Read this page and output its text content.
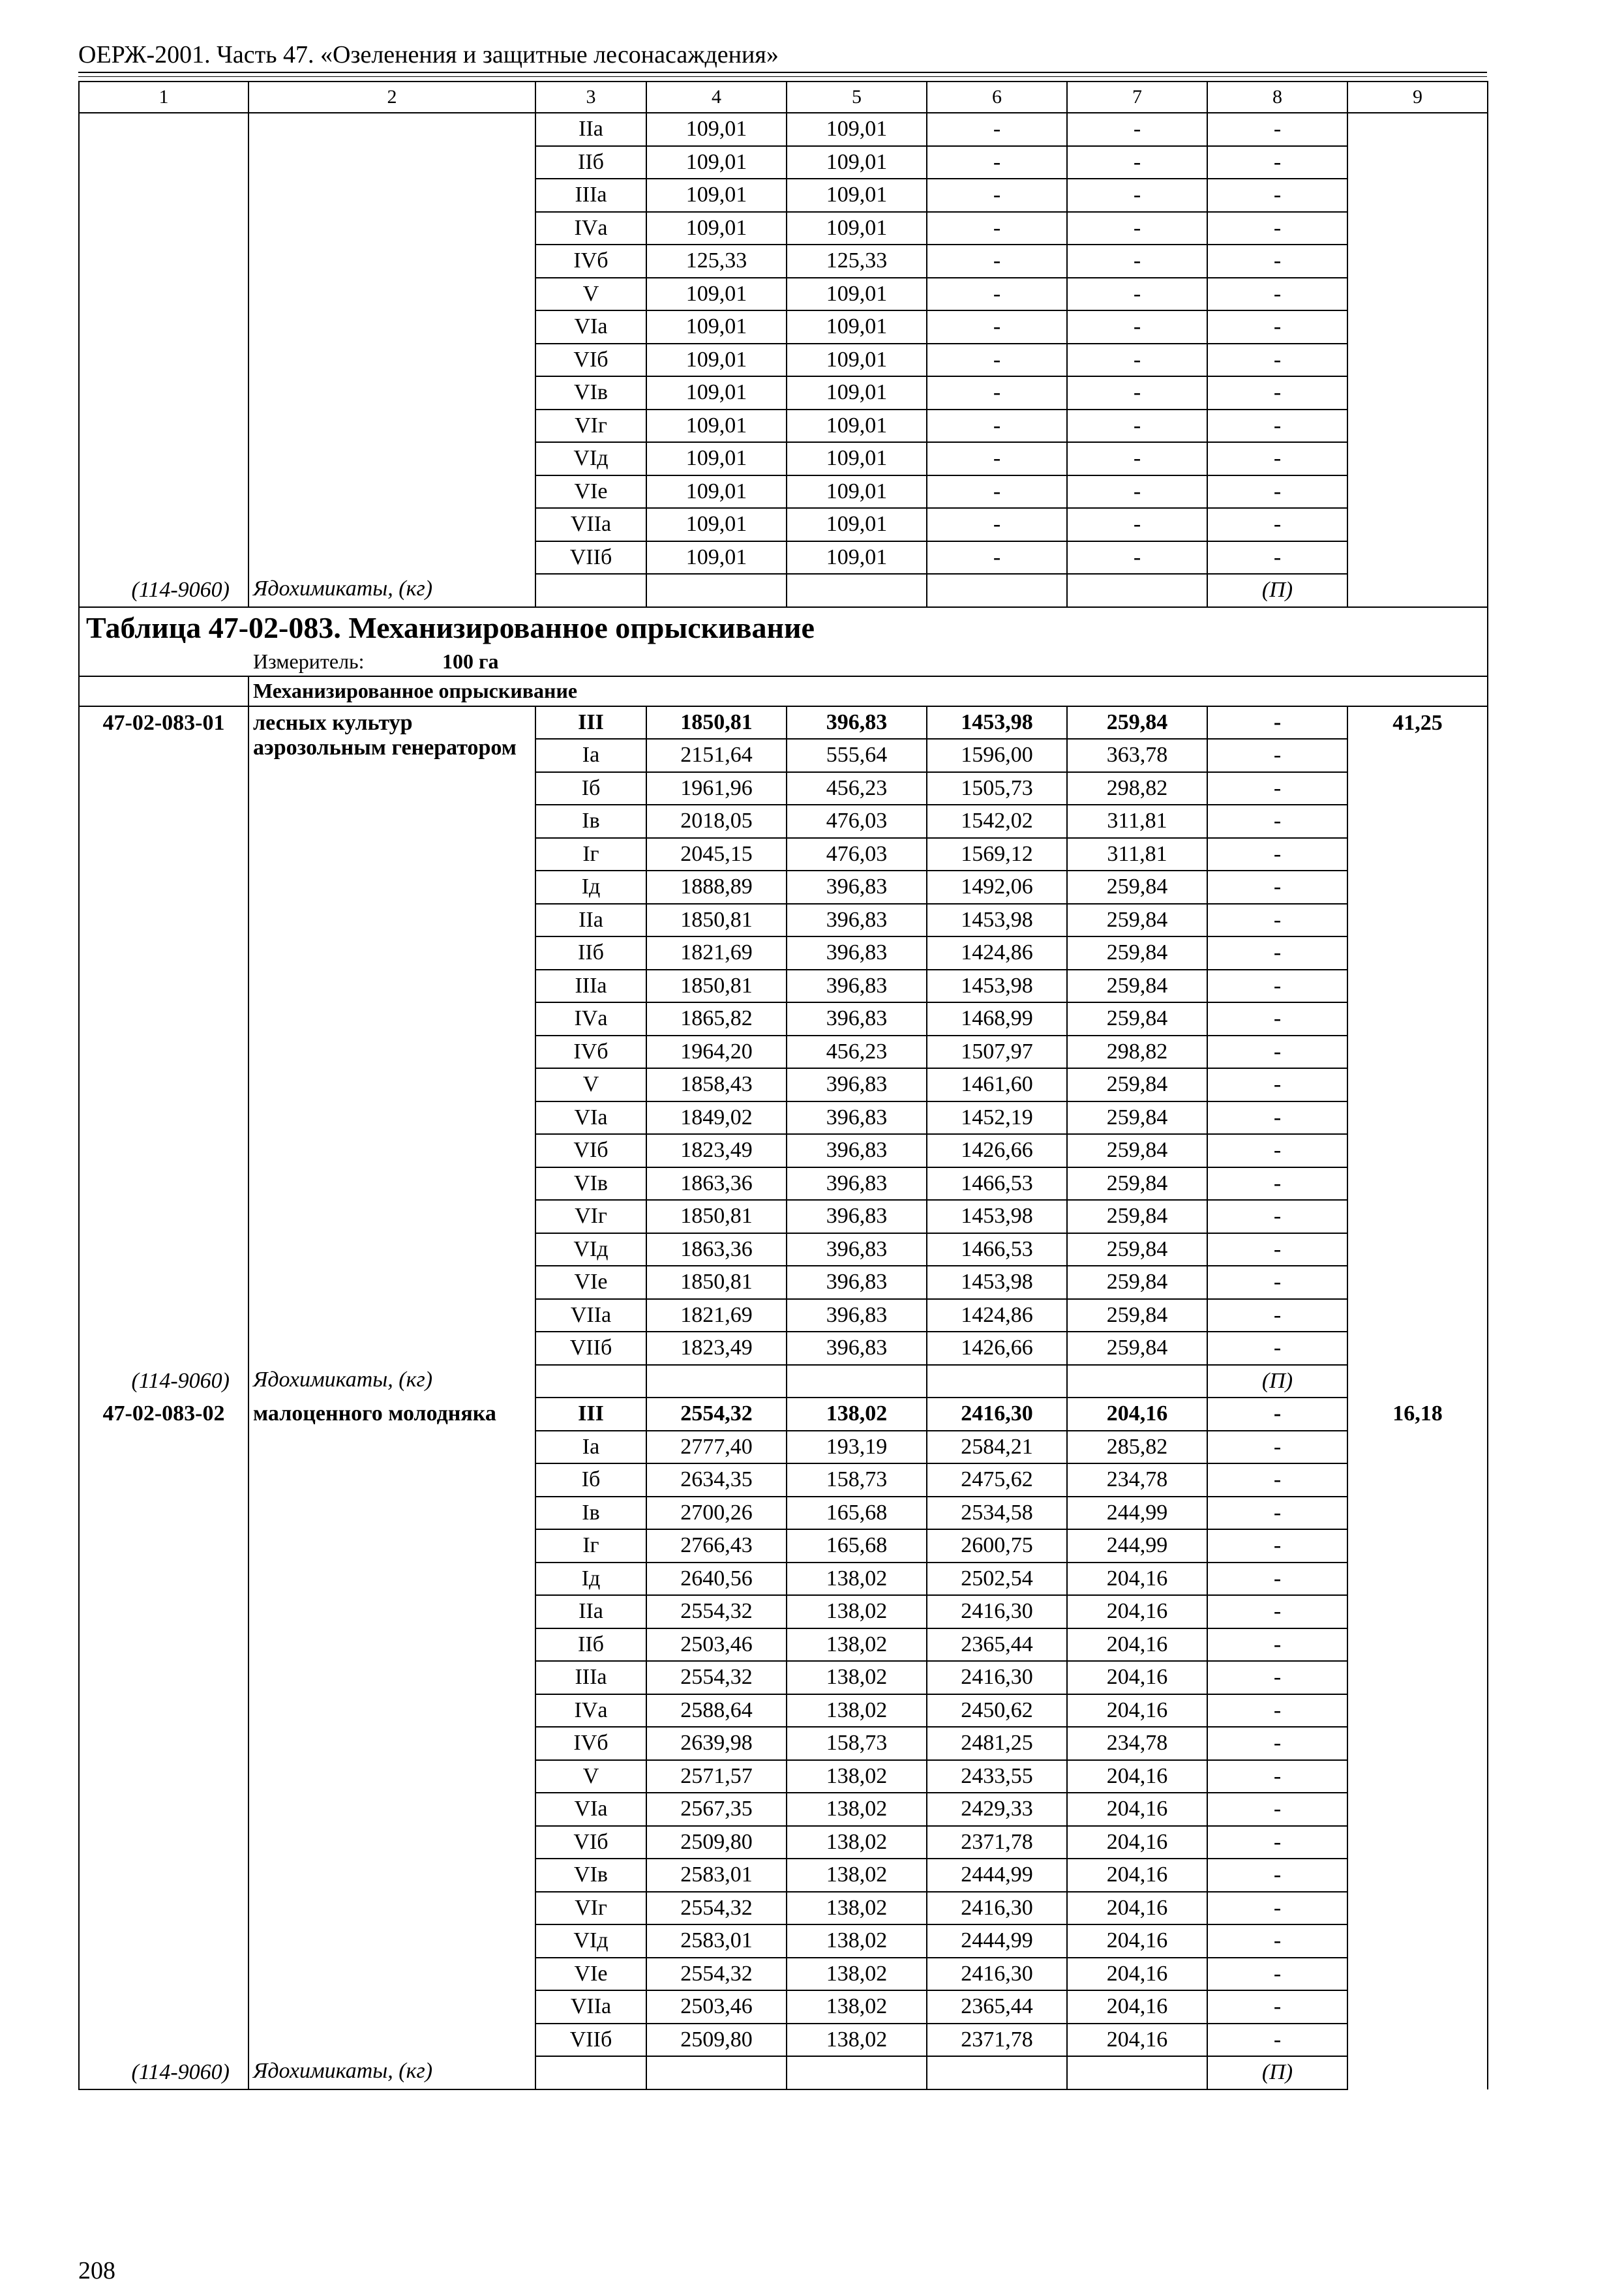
ОЕРЖ-2001. Часть 47. «Озеленения и защитные лесонасаждения»
1	2	3	4	5	6	7	8	9
		IIа	109,01	109,01	-	-	-	
		IIб	109,01	109,01	-	-	-	
		IIIа	109,01	109,01	-	-	-	
		IVа	109,01	109,01	-	-	-	
		IVб	125,33	125,33	-	-	-	
		V	109,01	109,01	-	-	-	
		VIа	109,01	109,01	-	-	-	
		VIб	109,01	109,01	-	-	-	
		VIв	109,01	109,01	-	-	-	
		VIг	109,01	109,01	-	-	-	
		VIд	109,01	109,01	-	-	-	
		VIе	109,01	109,01	-	-	-	
		VIIа	109,01	109,01	-	-	-	
		VIIб	109,01	109,01	-	-	-	
(114-9060)	Ядохимикаты, (кг)						(П)	
Таблица 47-02-083. Механизированное опрыскивание								
Измеритель: 100 га								
	Механизированное опрыскивание							
47-02-083-01	лесных культур аэрозольным генератором	III	1850,81	396,83	1453,98	259,84	-	41,25
		Iа	2151,64	555,64	1596,00	363,78	-	
		Iб	1961,96	456,23	1505,73	298,82	-	
		Iв	2018,05	476,03	1542,02	311,81	-	
		Iг	2045,15	476,03	1569,12	311,81	-	
		Iд	1888,89	396,83	1492,06	259,84	-	
		IIа	1850,81	396,83	1453,98	259,84	-	
		IIб	1821,69	396,83	1424,86	259,84	-	
		IIIа	1850,81	396,83	1453,98	259,84	-	
		IVа	1865,82	396,83	1468,99	259,84	-	
		IVб	1964,20	456,23	1507,97	298,82	-	
		V	1858,43	396,83	1461,60	259,84	-	
		VIа	1849,02	396,83	1452,19	259,84	-	
		VIб	1823,49	396,83	1426,66	259,84	-	
		VIв	1863,36	396,83	1466,53	259,84	-	
		VIг	1850,81	396,83	1453,98	259,84	-	
		VIд	1863,36	396,83	1466,53	259,84	-	
		VIе	1850,81	396,83	1453,98	259,84	-	
		VIIа	1821,69	396,83	1424,86	259,84	-	
		VIIб	1823,49	396,83	1426,66	259,84	-	
(114-9060)	Ядохимикаты, (кг)						(П)	
47-02-083-02	малоценного молодняка	III	2554,32	138,02	2416,30	204,16	-	16,18
		Iа	2777,40	193,19	2584,21	285,82	-	
		Iб	2634,35	158,73	2475,62	234,78	-	
		Iв	2700,26	165,68	2534,58	244,99	-	
		Iг	2766,43	165,68	2600,75	244,99	-	
		Iд	2640,56	138,02	2502,54	204,16	-	
		IIа	2554,32	138,02	2416,30	204,16	-	
		IIб	2503,46	138,02	2365,44	204,16	-	
		IIIа	2554,32	138,02	2416,30	204,16	-	
		IVа	2588,64	138,02	2450,62	204,16	-	
		IVб	2639,98	158,73	2481,25	234,78	-	
		V	2571,57	138,02	2433,55	204,16	-	
		VIа	2567,35	138,02	2429,33	204,16	-	
		VIб	2509,80	138,02	2371,78	204,16	-	
		VIв	2583,01	138,02	2444,99	204,16	-	
		VIг	2554,32	138,02	2416,30	204,16	-	
		VIд	2583,01	138,02	2444,99	204,16	-	
		VIе	2554,32	138,02	2416,30	204,16	-	
		VIIа	2503,46	138,02	2365,44	204,16	-	
		VIIб	2509,80	138,02	2371,78	204,16	-	
(114-9060)	Ядохимикаты, (кг)						(П)	
208
